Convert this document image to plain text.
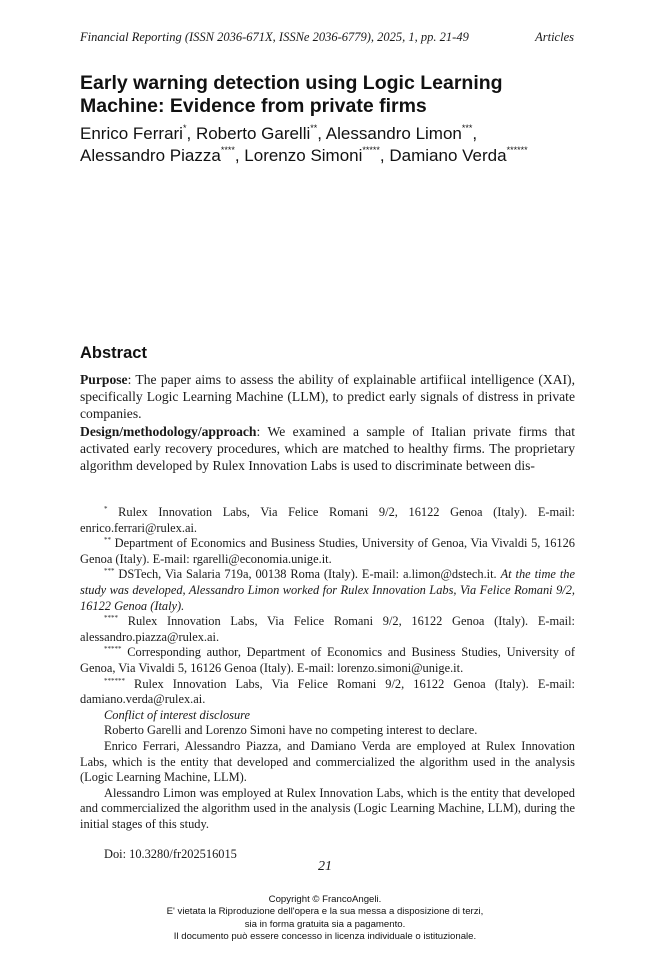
Financial Reporting (ISSN 2036-671X, ISSNe 2036-6779), 2025, 1, pp. 21-49	Articles
Early warning detection using Logic Learning
Machine: Evidence from private firms
Enrico Ferrari*, Roberto Garelli**, Alessandro Limon***,
Alessandro Piazza****, Lorenzo Simoni*****, Damiano Verda******
Abstract

Purpose: The paper aims to assess the ability of explainable artifiical intelligence (XAI), specifically Logic Learning Machine (LLM), to predict early signals of distress in private companies.

Design/methodology/approach: We examined a sample of Italian private firms that activated early recovery procedures, which are matched to healthy firms. The proprietary algorithm developed by Rulex Innovation Labs is used to discriminate between dis-

* Rulex Innovation Labs, Via Felice Romani 9/2, 16122 Genoa (Italy). E-mail: enrico.ferrari@rulex.ai.

** Department of Economics and Business Studies, University of Genoa, Via Vivaldi 5, 16126 Genoa (Italy). E-mail: rgarelli@economia.unige.it.

*** DSTech, Via Salaria 719a, 00138 Roma (Italy). E-mail: a.limon@dstech.it. At the time the study was developed, Alessandro Limon worked for Rulex Innovation Labs, Via Felice Romani 9/2, 16122 Genoa (Italy).

**** Rulex Innovation Labs, Via Felice Romani 9/2, 16122 Genoa (Italy). E-mail: alessandro.piazza@rulex.ai.

***** Corresponding author, Department of Economics and Business Studies, University of Genoa, Via Vivaldi 5, 16126 Genoa (Italy). E-mail: lorenzo.simoni@unige.it.

****** Rulex Innovation Labs, Via Felice Romani 9/2, 16122 Genoa (Italy). E-mail: damiano.verda@rulex.ai.

Conflict of interest disclosure

Roberto Garelli and Lorenzo Simoni have no competing interest to declare.

Enrico Ferrari, Alessandro Piazza, and Damiano Verda are employed at Rulex Innovation Labs, which is the entity that developed and commercialized the algorithm used in the analysis (Logic Learning Machine, LLM).

Alessandro Limon was employed at Rulex Innovation Labs, which is the entity that developed and commercialized the algorithm used in the analysis (Logic Learning Machine, LLM), during the initial stages of this study.

Doi: 10.3280/fr202516015

21
Copyright © FrancoAngeli.
E' vietata la Riproduzione dell'opera e la sua messa a disposizione di terzi,
sia in forma gratuita sia a pagamento.
Il documento può essere concesso in licenza individuale o istituzionale.
